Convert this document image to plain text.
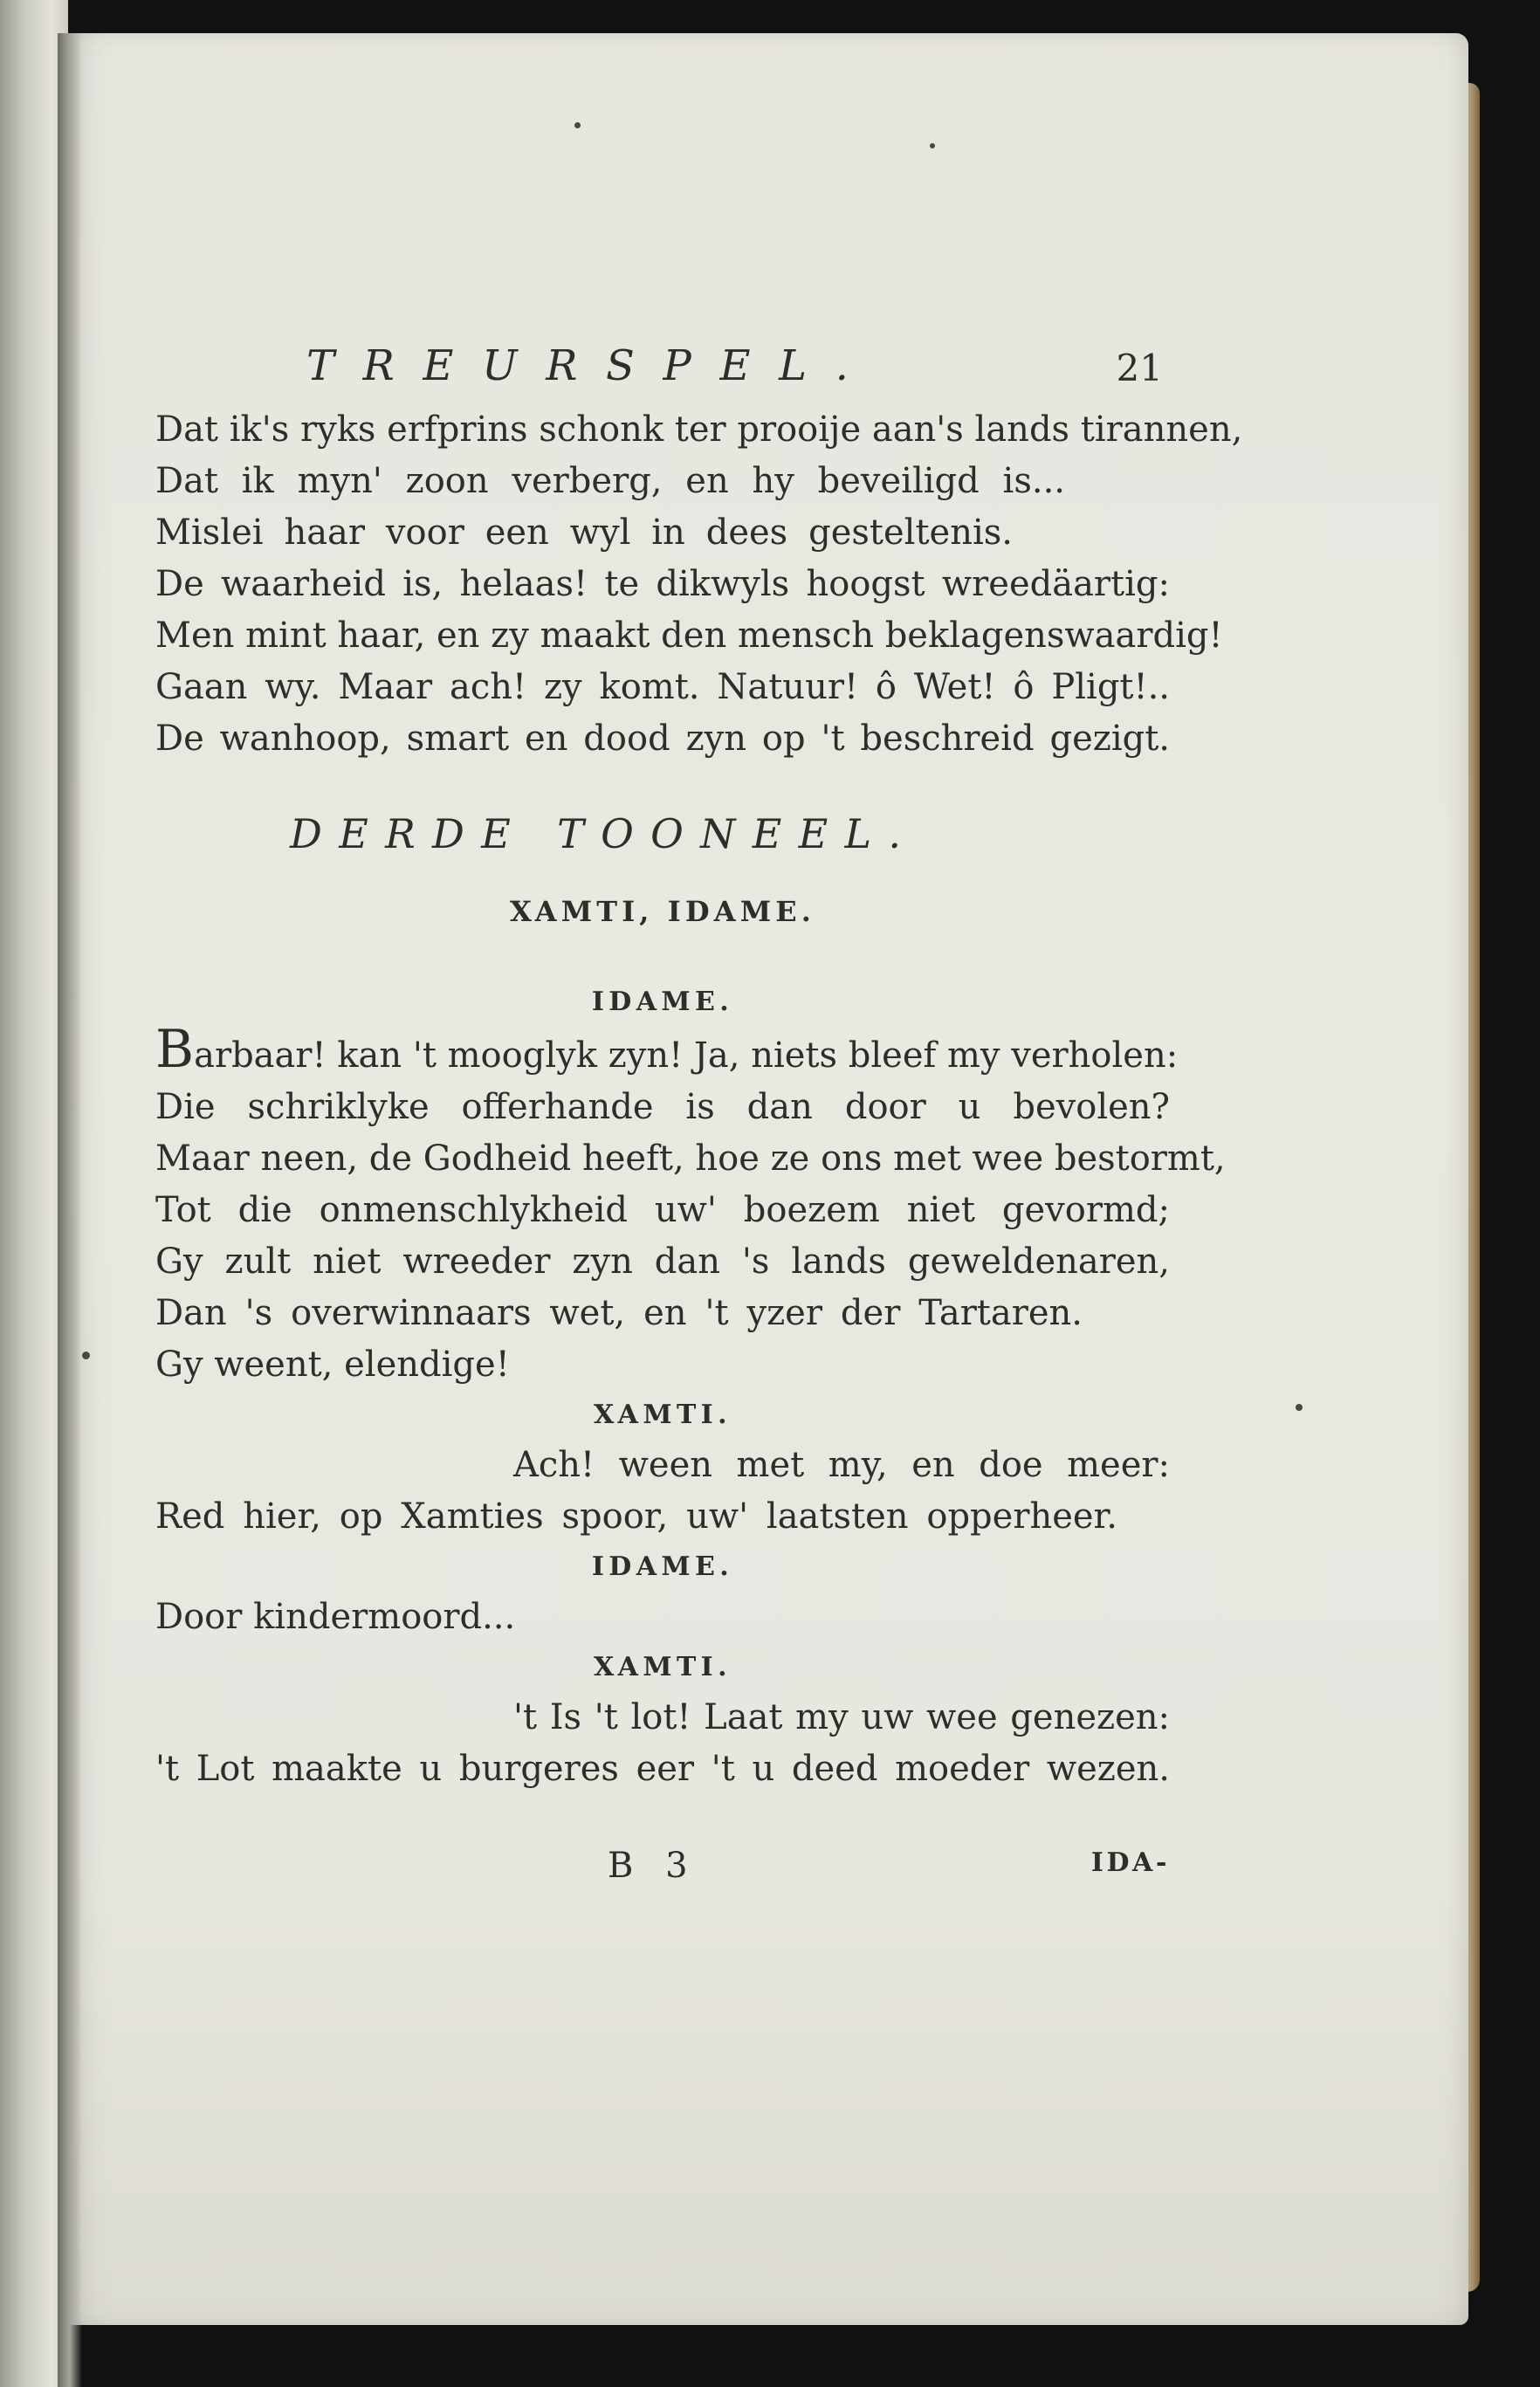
TREURSPEL.	21

Dat ik's ryks erfprins schonk ter prooije aan's lands tirannen,
Dat ik myn' zoon verberg, en hy beveiligd is...
Mislei haar voor een wyl in dees gesteltenis.
De waarheid is, helaas! te dikwyls hoogst wreedäartig:
Men mint haar, en zy maakt den mensch beklagenswaardig!
Gaan wy. Maar ach! zy komt. Natuur! ô Wet! ô Pligt!..
De wanhoop, smart en dood zyn op 't beschreid gezigt.

DERDE TOONEEL.
XAMTI, IDAME.
IDAME.

Barbaar! kan 't mooglyk zyn! Ja, niets bleef my verholen:
Die schriklyke offerhande is dan door u bevolen?
Maar neen, de Godheid heeft, hoe ze ons met wee bestormt,
Tot die onmenschlykheid uw' boezem niet gevormd;
Gy zult niet wreeder zyn dan 's lands geweldenaren,
Dan 's overwinnaars wet, en 't yzer der Tartaren.
Gy weent, elendige!

XAMTI.

Ach! ween met my, en doe meer:
Red hier, op Xamties spoor, uw' laatsten opperheer.

IDAME.

Door kindermoord...

XAMTI.

't Is 't lot! Laat my uw wee genezen:
't Lot maakte u burgeres eer 't u deed moeder wezen.

B 3	IDA-
